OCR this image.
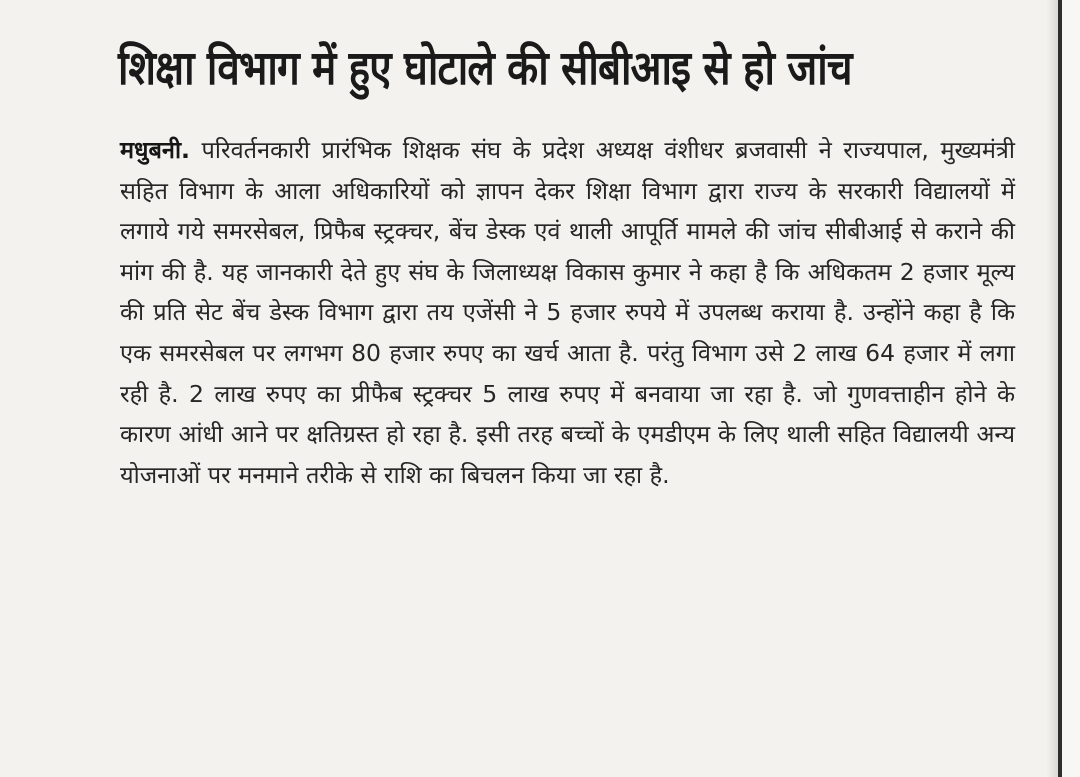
शिक्षा विभाग में हुए घोटाले की सीबीआइ से हो जांच

मधुबनी. परिवर्तनकारी प्रारंभिक शिक्षक संघ के प्रदेश अध्यक्ष वंशीधर ब्रजवासी ने राज्यपाल, मुख्यमंत्री सहित विभाग के आला अधिकारियों को ज्ञापन देकर शिक्षा विभाग द्वारा राज्य के सरकारी विद्यालयों में लगाये गये समरसेबल, प्रिफैब स्ट्रक्चर, बेंच डेस्क एवं थाली आपूर्ति मामले की जांच सीबीआई से कराने की मांग की है. यह जानकारी देते हुए संघ के जिलाध्यक्ष विकास कुमार ने कहा है कि अधिकतम 2 हजार मूल्य की प्रति सेट बेंच डेस्क विभाग द्वारा तय एजेंसी ने 5 हजार रुपये में उपलब्ध कराया है. उन्होंने कहा है कि एक समरसेबल पर लगभग 80 हजार रुपए का खर्च आता है. परंतु विभाग उसे 2 लाख 64 हजार में लगा रही है. 2 लाख रुपए का प्रीफैब स्ट्रक्चर 5 लाख रुपए में बनवाया जा रहा है. जो गुणवत्ताहीन होने के कारण आंधी आने पर क्षतिग्रस्त हो रहा है. इसी तरह बच्चों के एमडीएम के लिए थाली सहित विद्यालयी अन्य योजनाओं पर मनमाने तरीके से राशि का बिचलन किया जा रहा है.
